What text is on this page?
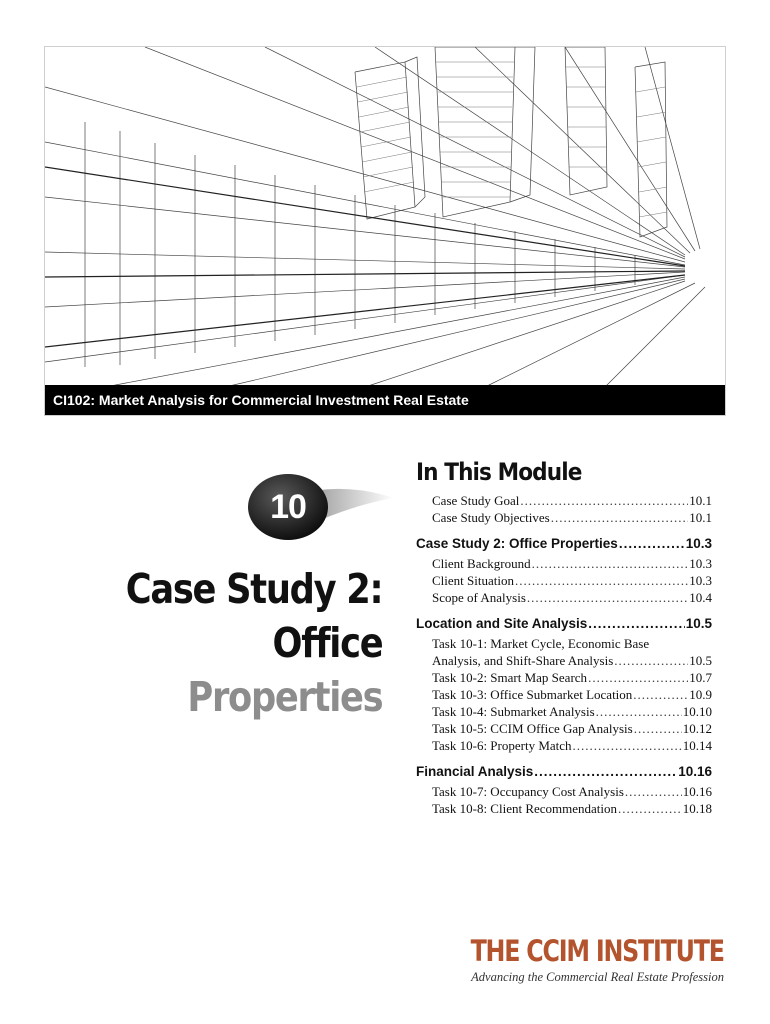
CI102: Market Analysis for Commercial Investment Real Estate
10
Case Study 2:
Office
Properties
In This Module
Case Study Goal .....	10.1
Case Study Objectives .....	10.1
Case Study 2: Office Properties .....	10.3
Client Background .....	10.3
Client Situation .....	10.3
Scope of Analysis .....	10.4
Location and Site Analysis .....	10.5
Task 10-1: Market Cycle, Economic Base
Analysis, and Shift-Share Analysis .....	10.5
Task 10-2: Smart Map Search .....	10.7
Task 10-3: Office Submarket Location .....	10.9
Task 10-4: Submarket Analysis .....	10.10
Task 10-5: CCIM Office Gap Analysis .....	10.12
Task 10-6: Property Match .....	10.14
Financial Analysis .....	10.16
Task 10-7: Occupancy Cost Analysis .....	10.16
Task 10-8: Client Recommendation .....	10.18
THE CCIM INSTITUTE
Advancing the Commercial Real Estate Profession
